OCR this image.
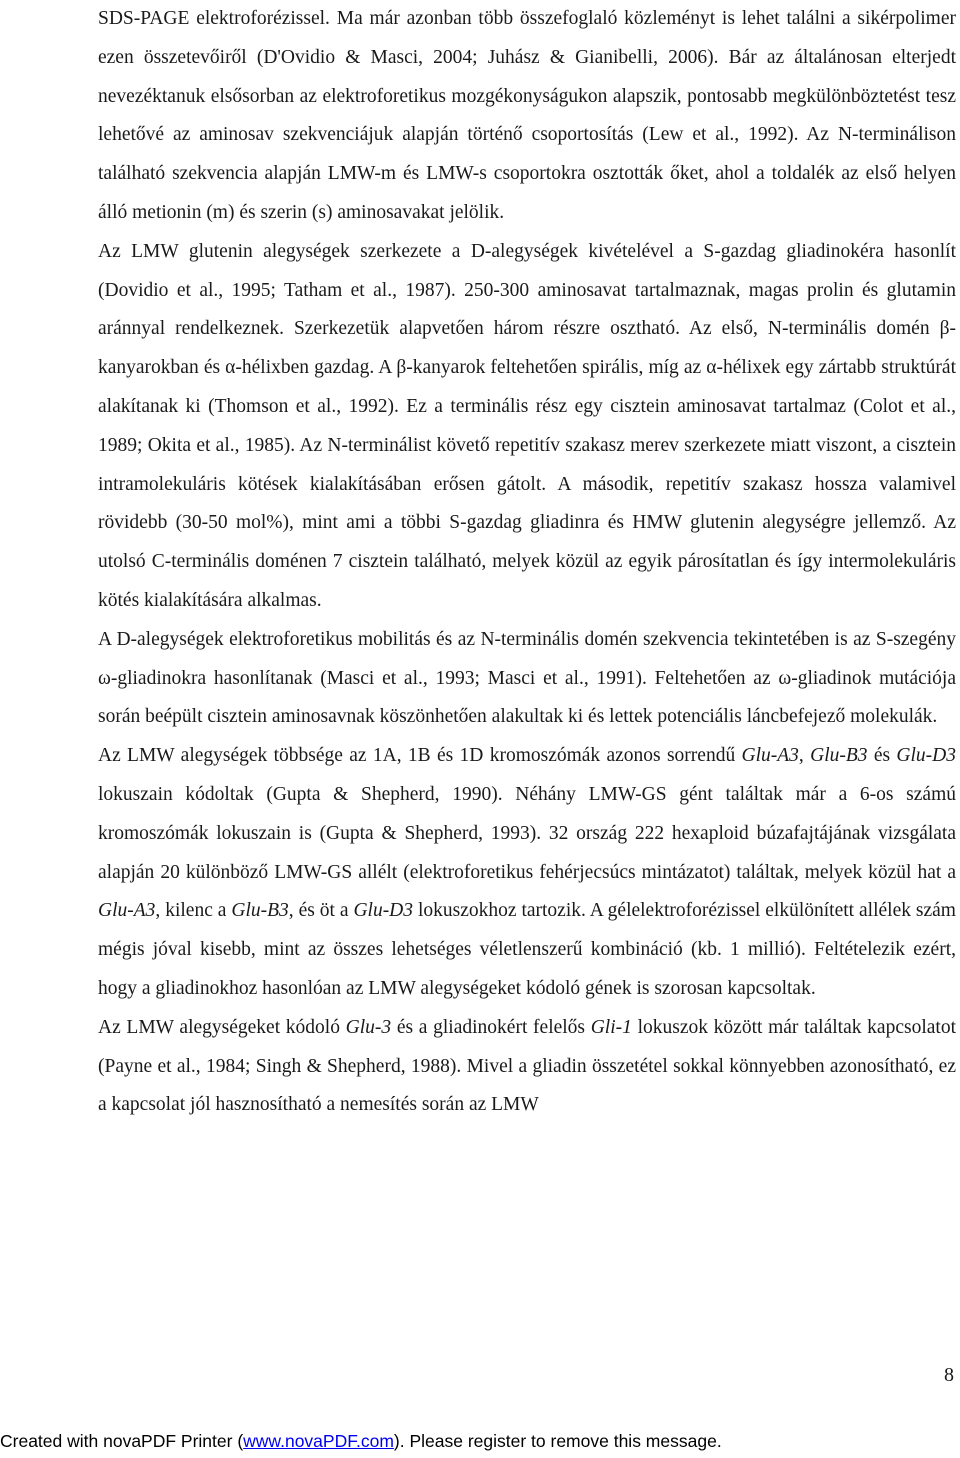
SDS-PAGE elektroforézissel. Ma már azonban több összefoglaló közleményt is lehet találni a sikérpolimer ezen összetevőiről (D'Ovidio & Masci, 2004; Juhász & Gianibelli, 2006). Bár az általánosan elterjedt nevezéktanuk elsősorban az elektroforetikus mozgékonyságukon alapszik, pontosabb megkülönböztetést tesz lehetővé az aminosav szekvenciájuk alapján történő csoportosítás (Lew et al., 1992). Az N-terminálison található szekvencia alapján LMW-m és LMW-s csoportokra osztották őket, ahol a toldalék az első helyen álló metionin (m) és szerin (s) aminosavakat jelölik.

Az LMW glutenin alegységek szerkezete a D-alegységek kivételével a S-gazdag gliadinokéra hasonlít (Dovidio et al., 1995; Tatham et al., 1987). 250-300 aminosavat tartalmaznak, magas prolin és glutamin aránnyal rendelkeznek. Szerkezetük alapvetően három részre osztható. Az első, N-terminális domén β-kanyarokban és α-hélixben gazdag. A β-kanyarok feltehetően spirális, míg az α-hélixek egy zártabb struktúrát alakítanak ki (Thomson et al., 1992). Ez a terminális rész egy cisztein aminosavat tartalmaz (Colot et al., 1989; Okita et al., 1985). Az N-terminálist követő repetitív szakasz merev szerkezete miatt viszont, a cisztein intramolekuláris kötések kialakításában erősen gátolt. A második, repetitív szakasz hossza valamivel rövidebb (30-50 mol%), mint ami a többi S-gazdag gliadinra és HMW glutenin alegységre jellemző. Az utolsó C-terminális doménen 7 cisztein található, melyek közül az egyik párosítatlan és így intermolekuláris kötés kialakítására alkalmas.

A D-alegységek elektroforetikus mobilitás és az N-terminális domén szekvencia tekintetében is az S-szegény ω-gliadinokra hasonlítanak (Masci et al., 1993; Masci et al., 1991). Feltehetően az ω-gliadinok mutációja során beépült cisztein aminosavnak köszönhetően alakultak ki és lettek potenciális láncbefejező molekulák.

Az LMW alegységek többsége az 1A, 1B és 1D kromoszómák azonos sorrendű Glu-A3, Glu-B3 és Glu-D3 lokuszain kódoltak (Gupta & Shepherd, 1990). Néhány LMW-GS gént találtak már a 6-os számú kromoszómák lokuszain is (Gupta & Shepherd, 1993). 32 ország 222 hexaploid búzafajtájának vizsgálata alapján 20 különböző LMW-GS allélt (elektroforetikus fehérjecsúcs mintázatot) találtak, melyek közül hat a Glu-A3, kilenc a Glu-B3, és öt a Glu-D3 lokuszokhoz tartozik. A gélelektroforézissel elkülönített allélek szám mégis jóval kisebb, mint az összes lehetséges véletlenszerű kombináció (kb. 1 millió). Feltételezik ezért, hogy a gliadinokhoz hasonlóan az LMW alegységeket kódoló gének is szorosan kapcsoltak.

Az LMW alegységeket kódoló Glu-3 és a gliadinokért felelős Gli-1 lokuszok között már találtak kapcsolatot (Payne et al., 1984; Singh & Shepherd, 1988). Mivel a gliadin összetétel sokkal könnyebben azonosítható, ez a kapcsolat jól hasznosítható a nemesítés során az LMW

8
Created with novaPDF Printer (www.novaPDF.com). Please register to remove this message.
